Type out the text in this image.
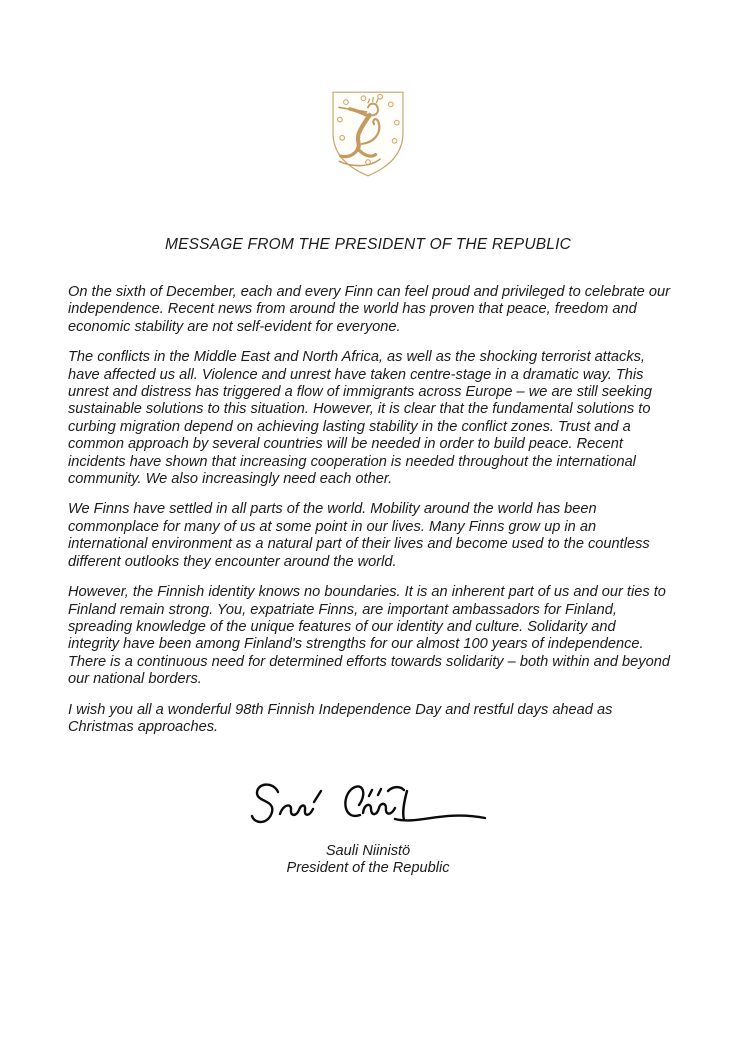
MESSAGE FROM THE PRESIDENT OF THE REPUBLIC

On the sixth of December, each and every Finn can feel proud and privileged to celebrate our independence. Recent news from around the world has proven that peace, freedom and economic stability are not self-evident for everyone.

The conflicts in the Middle East and North Africa, as well as the shocking terrorist attacks, have affected us all. Violence and unrest have taken centre-stage in a dramatic way. This unrest and distress has triggered a flow of immigrants across Europe – we are still seeking sustainable solutions to this situation. However, it is clear that the fundamental solutions to curbing migration depend on achieving lasting stability in the conflict zones. Trust and a common approach by several countries will be needed in order to build peace. Recent incidents have shown that increasing cooperation is needed throughout the international community. We also increasingly need each other.

We Finns have settled in all parts of the world. Mobility around the world has been commonplace for many of us at some point in our lives. Many Finns grow up in an international environment as a natural part of their lives and become used to the countless different outlooks they encounter around the world.

However, the Finnish identity knows no boundaries. It is an inherent part of us and our ties to Finland remain strong. You, expatriate Finns, are important ambassadors for Finland, spreading knowledge of the unique features of our identity and culture. Solidarity and integrity have been among Finland's strengths for our almost 100 years of independence. There is a continuous need for determined efforts towards solidarity – both within and beyond our national borders.

I wish you all a wonderful 98th Finnish Independence Day and restful days ahead as Christmas approaches.

Sauli Niinistö
President of the Republic
